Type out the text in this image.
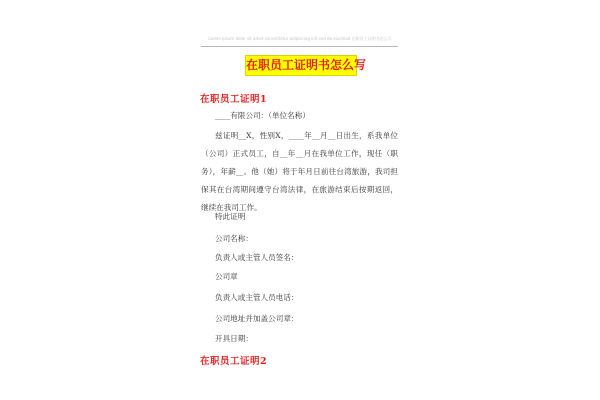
Lorem ipsum dolor sit amet consectetur adipiscing elit sed do eiusmod 在职员工证明书怎么写
在职员工证明书怎么写
在职员工证明1
____有限公司：（单位名称）
兹证明__X，性别X，____年__月__日出生，系我单位（公司）正式员工，自__年__月在我单位工作，现任（职务），年薪__。他（她）将于年月日前往台湾旅游，我司担保其在台湾期间遵守台湾法律，在旅游结束后按期返回，继续在我司工作。
特此证明
公司名称：
负责人或主管人员签名：
公司章
负责人或主管人员电话：
公司地址并加盖公司章：
开具日期：
在职员工证明2
